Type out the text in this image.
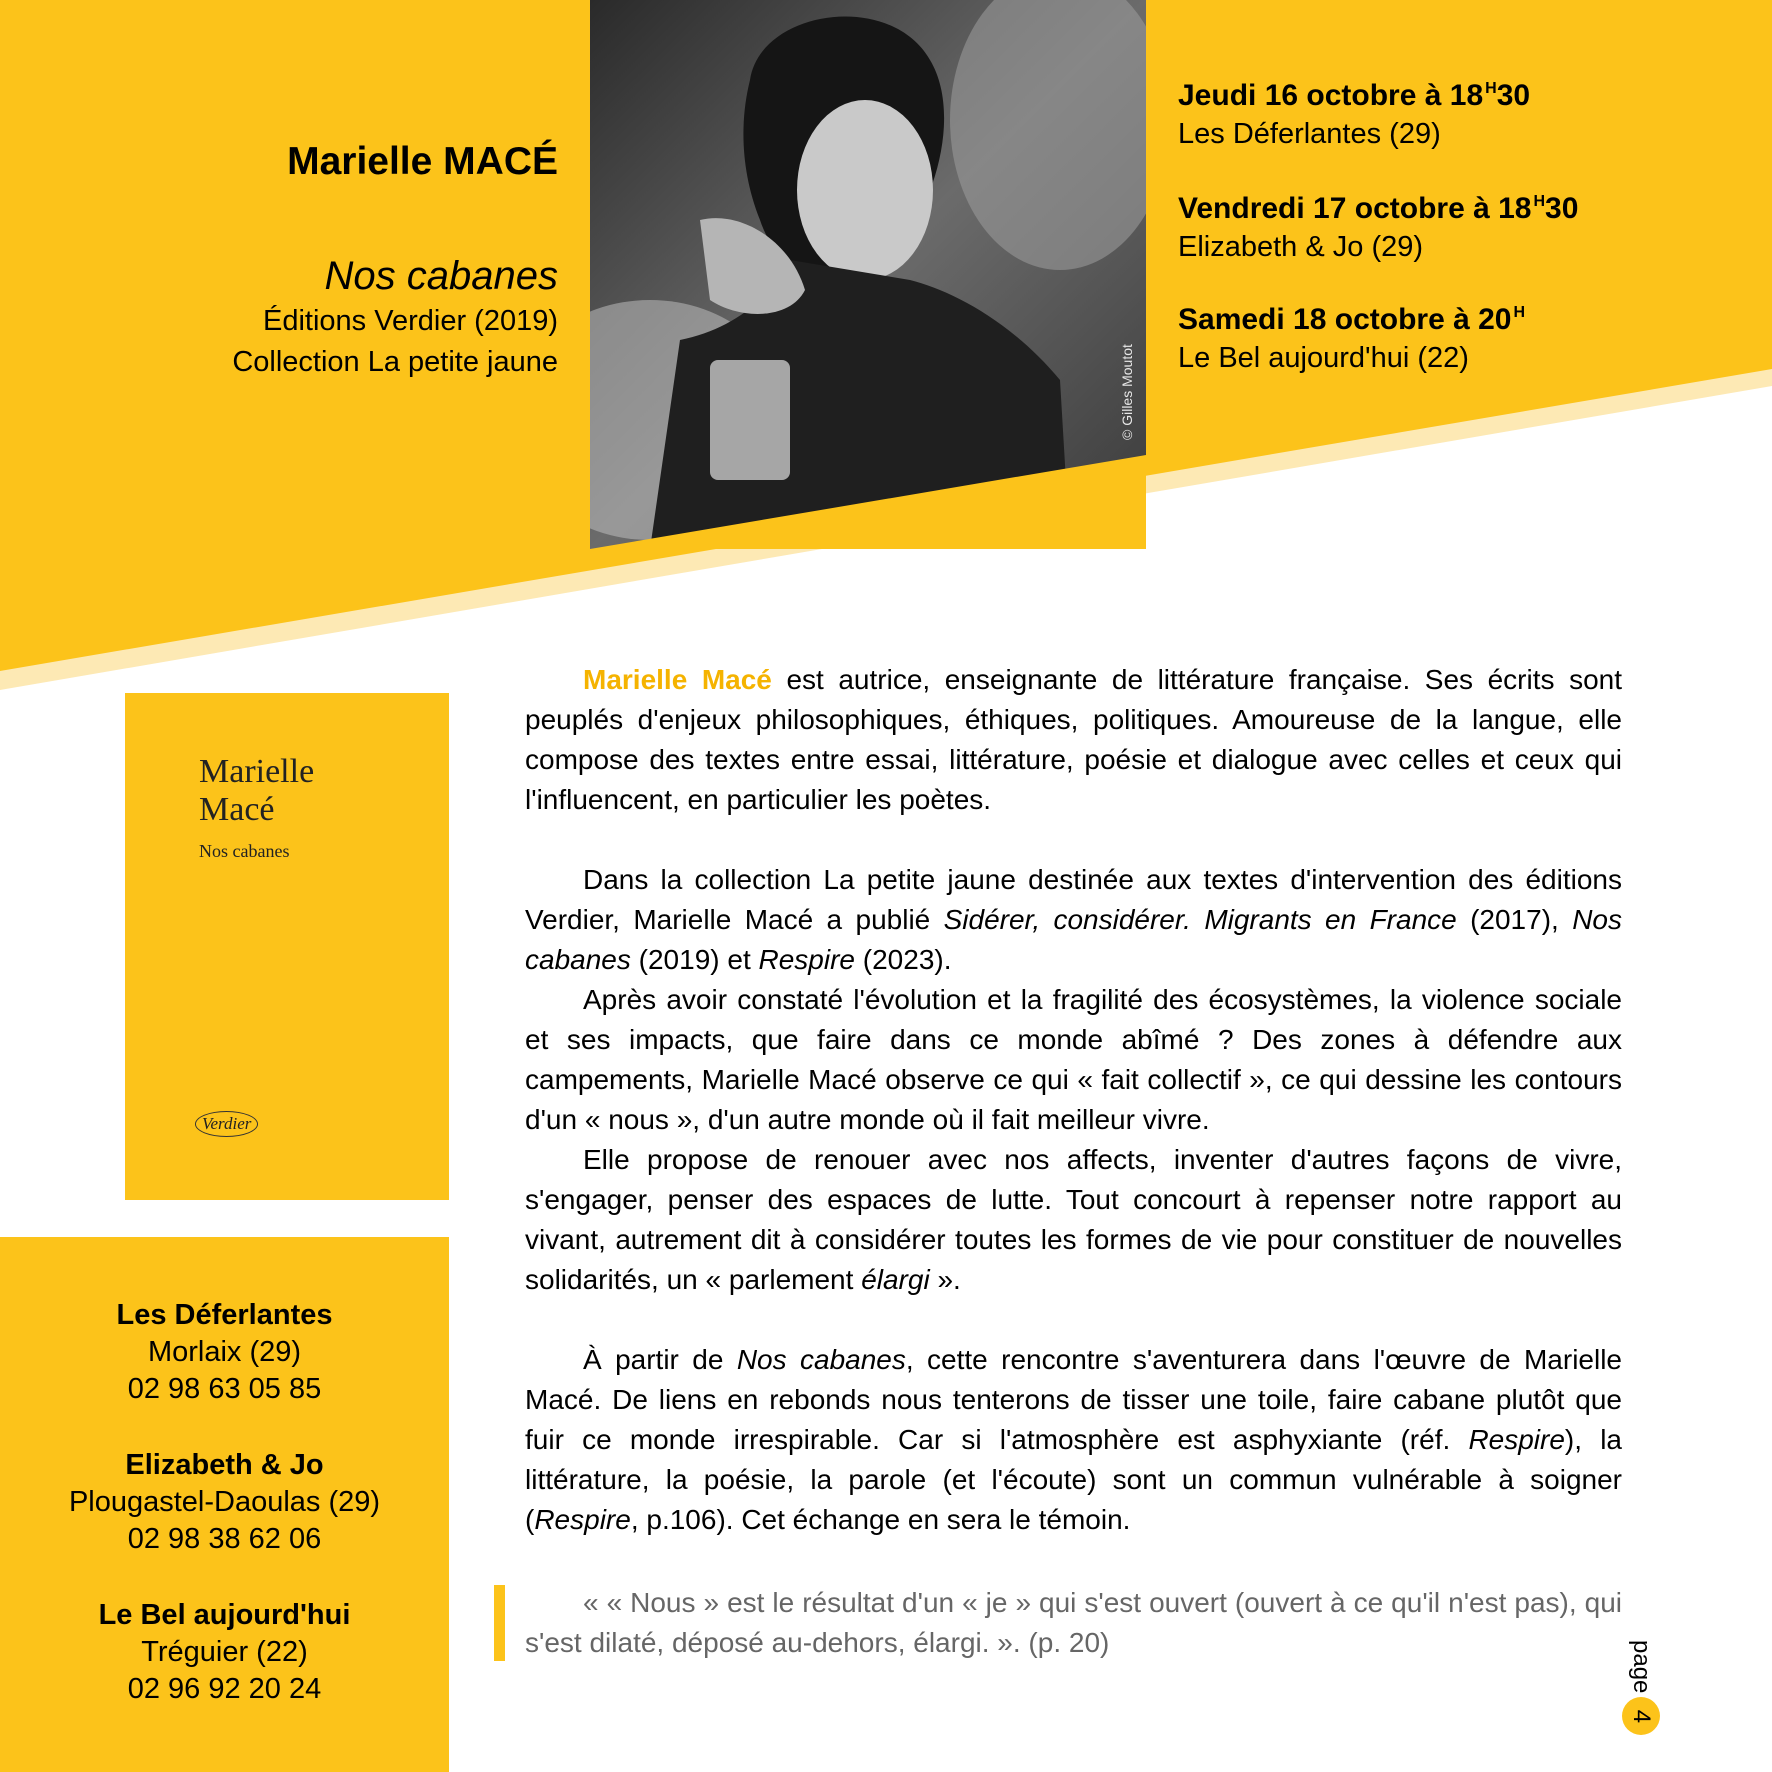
Marielle MACÉ
Nos cabanes
Éditions Verdier (2019)
Collection La petite jaune	© Gilles Moutot
Jeudi 16 octobre à 18 $^H$30
Les Déferlantes (29)
Vendredi 17 octobre à 18 $^H$30
Elizabeth & Jo (29)
Samedi 18 octobre à 20 $^H$
Le Bel aujourd'hui (22)
Marielle
Macé
Nos cabanes
Verdier
Les Déferlantes
Morlaix (29)
02 98 63 05 85
Elizabeth & Jo
Plougastel-Daoulas (29)
02 98 38 62 06
Le Bel aujourd'hui
Tréguier (22)
02 96 92 20 24

Marielle Macé est autrice, enseignante de littérature française. Ses écrits sont peuplés d'enjeux philosophiques, éthiques, politiques. Amoureuse de la langue, elle compose des textes entre essai, littérature, poésie et dialogue avec celles et ceux qui l'influencent, en particulier les poètes.

Dans la collection La petite jaune destinée aux textes d'intervention des éditions Verdier, Marielle Macé a publié Sidérer, considérer. Migrants en France (2017), Nos cabanes (2019) et Respire (2023).

Après avoir constaté l'évolution et la fragilité des écosystèmes, la violence sociale et ses impacts, que faire dans ce monde abîmé ? Des zones à défendre aux campements, Marielle Macé observe ce qui « fait collectif », ce qui dessine les contours d'un « nous », d'un autre monde où il fait meilleur vivre.

Elle propose de renouer avec nos affects, inventer d'autres façons de vivre, s'engager, penser des espaces de lutte. Tout concourt à repenser notre rapport au vivant, autrement dit à considérer toutes les formes de vie pour constituer de nouvelles solidarités, un « parlement élargi ».

À partir de Nos cabanes, cette rencontre s'aventurera dans l'œuvre de Marielle Macé. De liens en rebonds nous tenterons de tisser une toile, faire cabane plutôt que fuir ce monde irrespirable. Car si l'atmosphère est asphyxiante (réf. Respire), la littérature, la poésie, la parole (et l'écoute) sont un commun vulnérable à soigner (Respire, p.106). Cet échange en sera le témoin.

« « Nous » est le résultat d'un « je » qui s'est ouvert (ouvert à ce qu'il n'est pas), qui s'est dilaté, déposé au-dehors, élargi. ». (p. 20)	page
4
